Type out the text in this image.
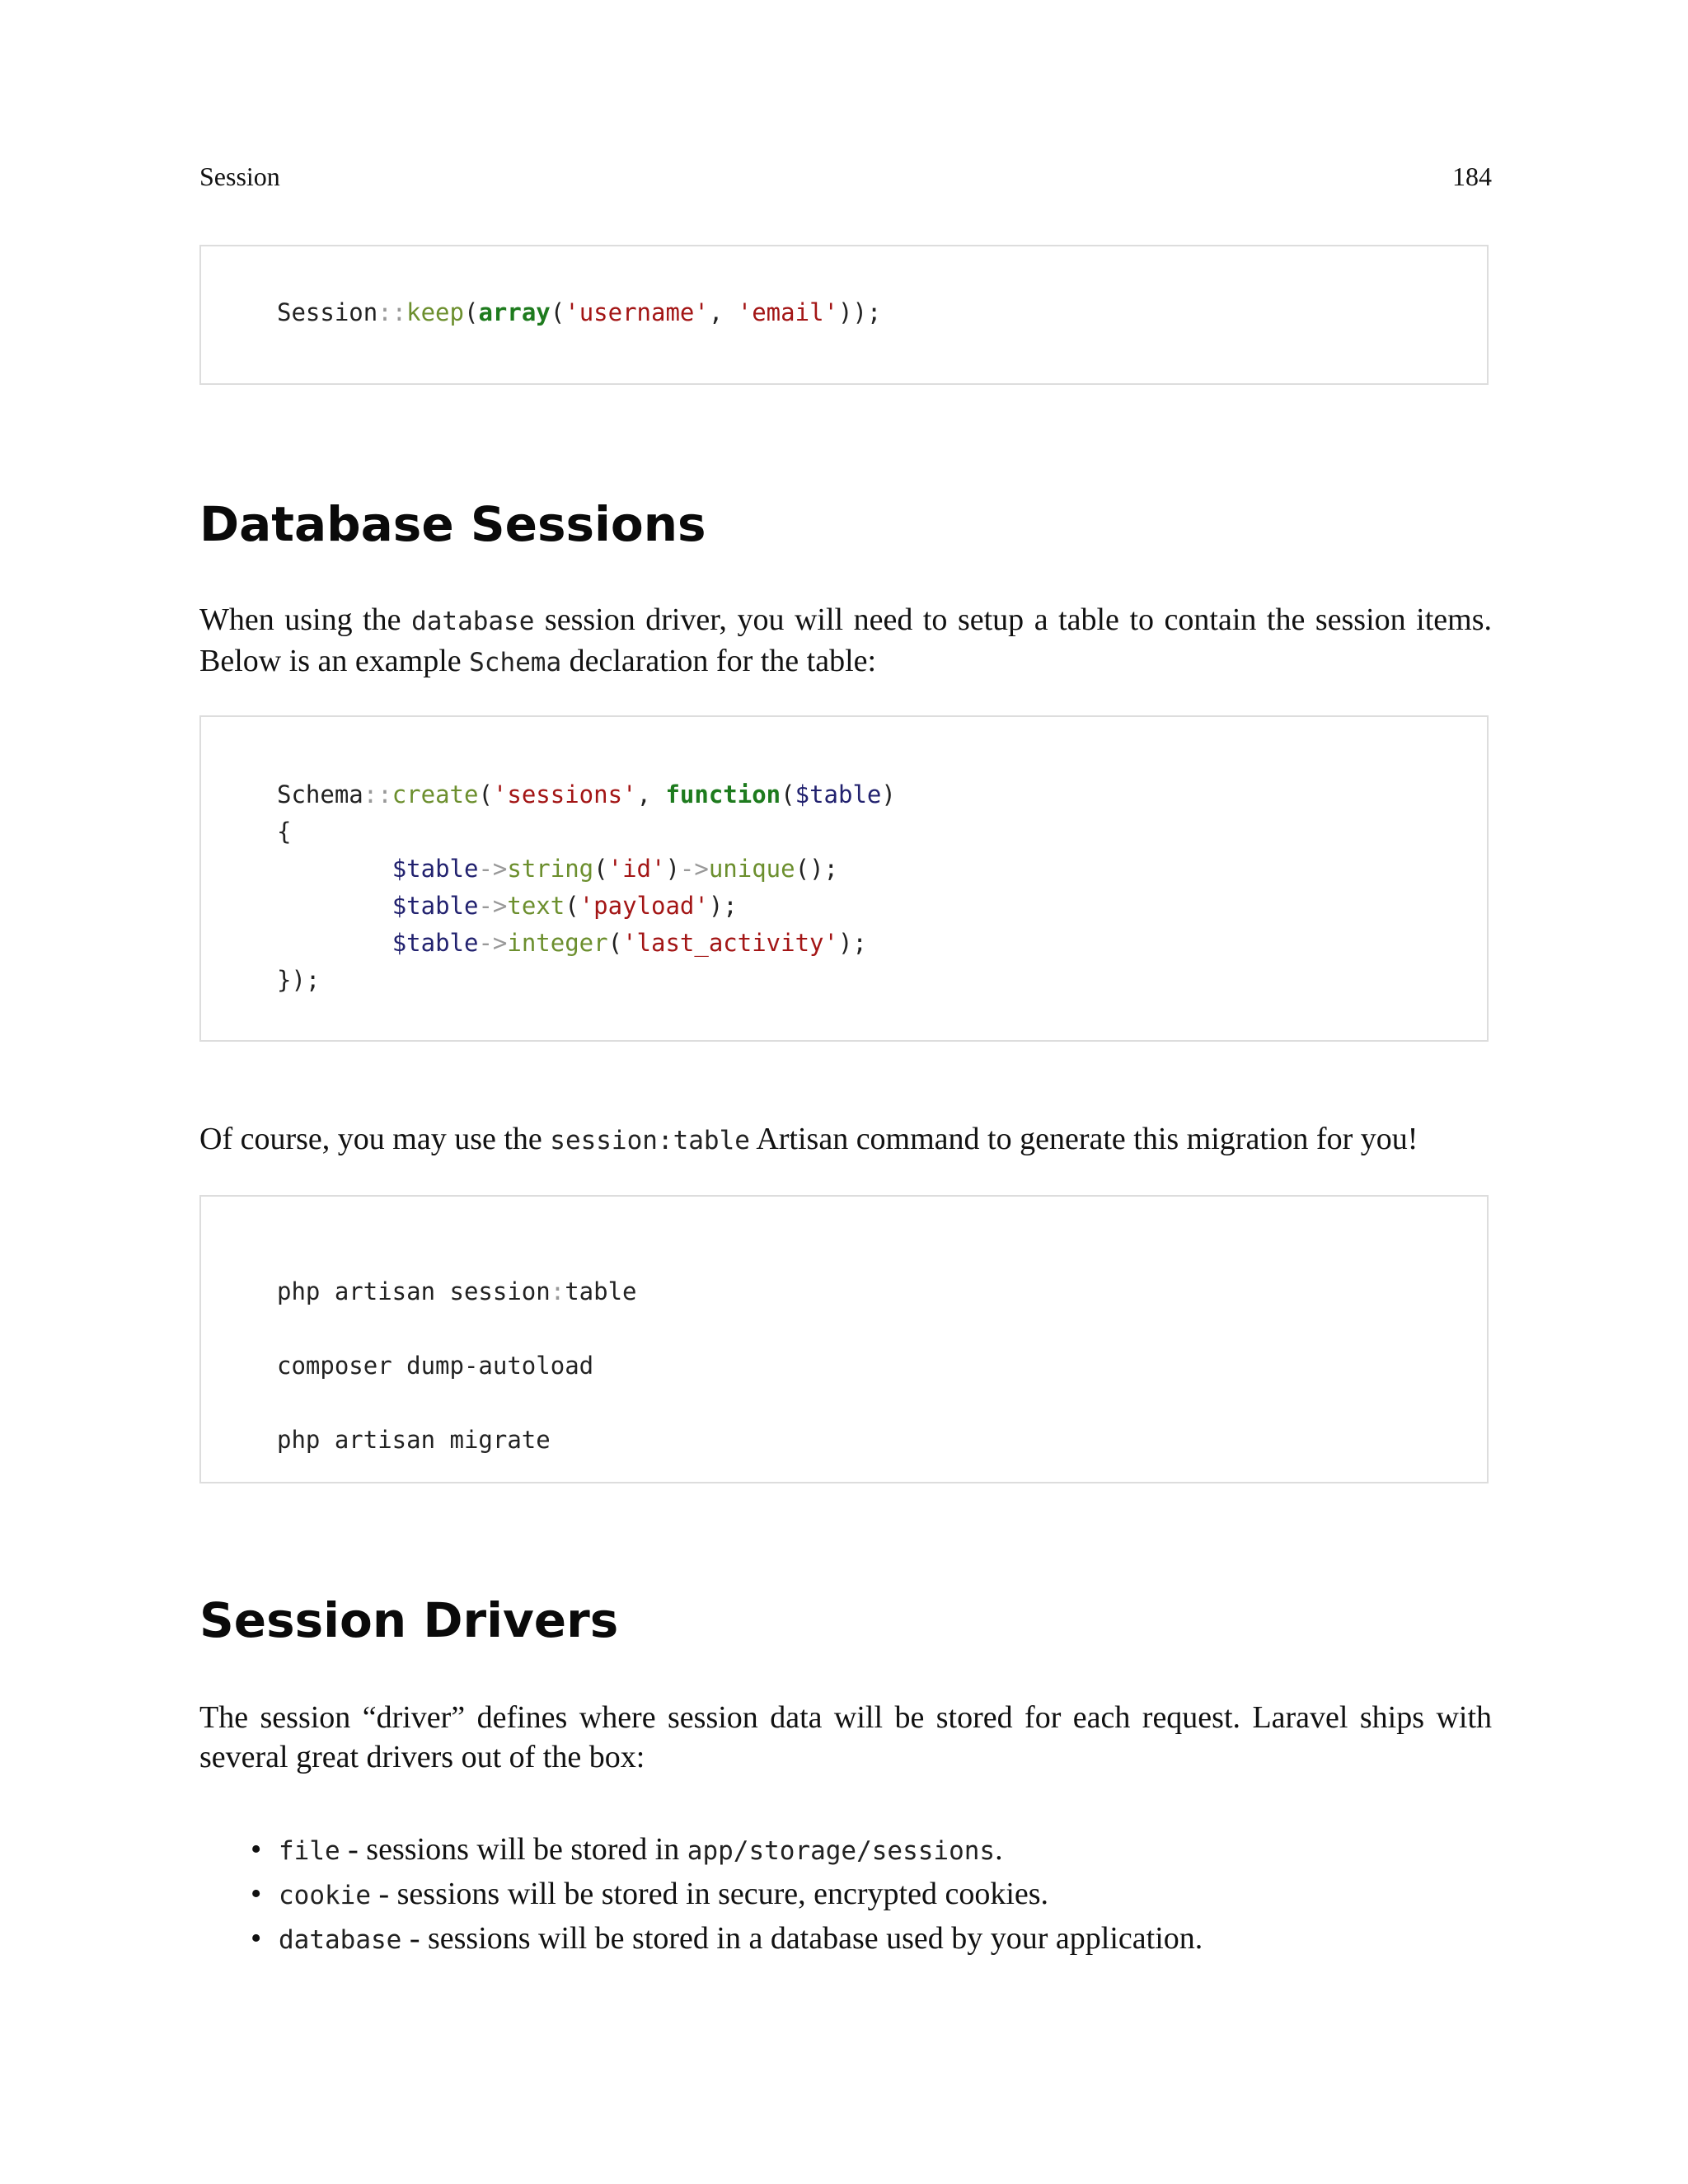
Session	184
Session::keep(array('username', 'email'));
Database Sessions

When using the database session driver, you will need to setup a table to contain the session items. Below is an example Schema declaration for the table:

Schema::create('sessions', function($table)
{
$table->string('id')->unique();
$table->text('payload');
$table->integer('last_activity');
});

Of course, you may use the session:table Artisan command to generate this migration for you!

php artisan session:table
composer dump-autoload
php artisan migrate
Session Drivers

The session “driver” defines where session data will be stored for each request. Laravel ships with several great drivers out of the box:

• file - sessions will be stored in app/storage/sessions.
• cookie - sessions will be stored in secure, encrypted cookies.
• database - sessions will be stored in a database used by your application.
